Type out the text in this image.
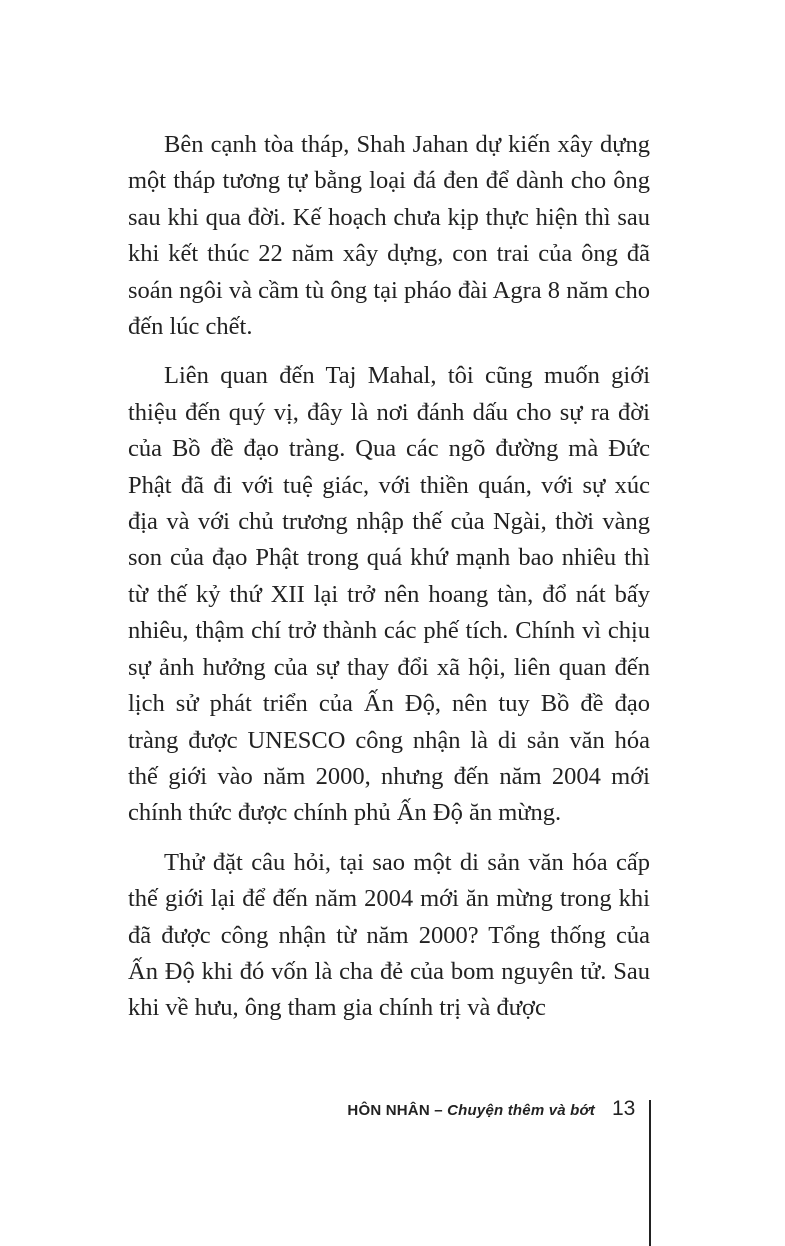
Bên cạnh tòa tháp, Shah Jahan dự kiến xây dựng một tháp tương tự bằng loại đá đen để dành cho ông sau khi qua đời. Kế hoạch chưa kịp thực hiện thì sau khi kết thúc 22 năm xây dựng, con trai của ông đã soán ngôi và cầm tù ông tại pháo đài Agra 8 năm cho đến lúc chết.

Liên quan đến Taj Mahal, tôi cũng muốn giới thiệu đến quý vị, đây là nơi đánh dấu cho sự ra đời của Bồ đề đạo tràng. Qua các ngõ đường mà Đức Phật đã đi với tuệ giác, với thiền quán, với sự xúc địa và với chủ trương nhập thế của Ngài, thời vàng son của đạo Phật trong quá khứ mạnh bao nhiêu thì từ thế kỷ thứ XII lại trở nên hoang tàn, đổ nát bấy nhiêu, thậm chí trở thành các phế tích. Chính vì chịu sự ảnh hưởng của sự thay đổi xã hội, liên quan đến lịch sử phát triển của Ấn Độ, nên tuy Bồ đề đạo tràng được UNESCO công nhận là di sản văn hóa thế giới vào năm 2000, nhưng đến năm 2004 mới chính thức được chính phủ Ấn Độ ăn mừng.

Thử đặt câu hỏi, tại sao một di sản văn hóa cấp thế giới lại để đến năm 2004 mới ăn mừng trong khi đã được công nhận từ năm 2000? Tổng thống của Ấn Độ khi đó vốn là cha đẻ của bom nguyên tử. Sau khi về hưu, ông tham gia chính trị và được

HÔN NHÂN – Chuyện thêm và bớt 13
